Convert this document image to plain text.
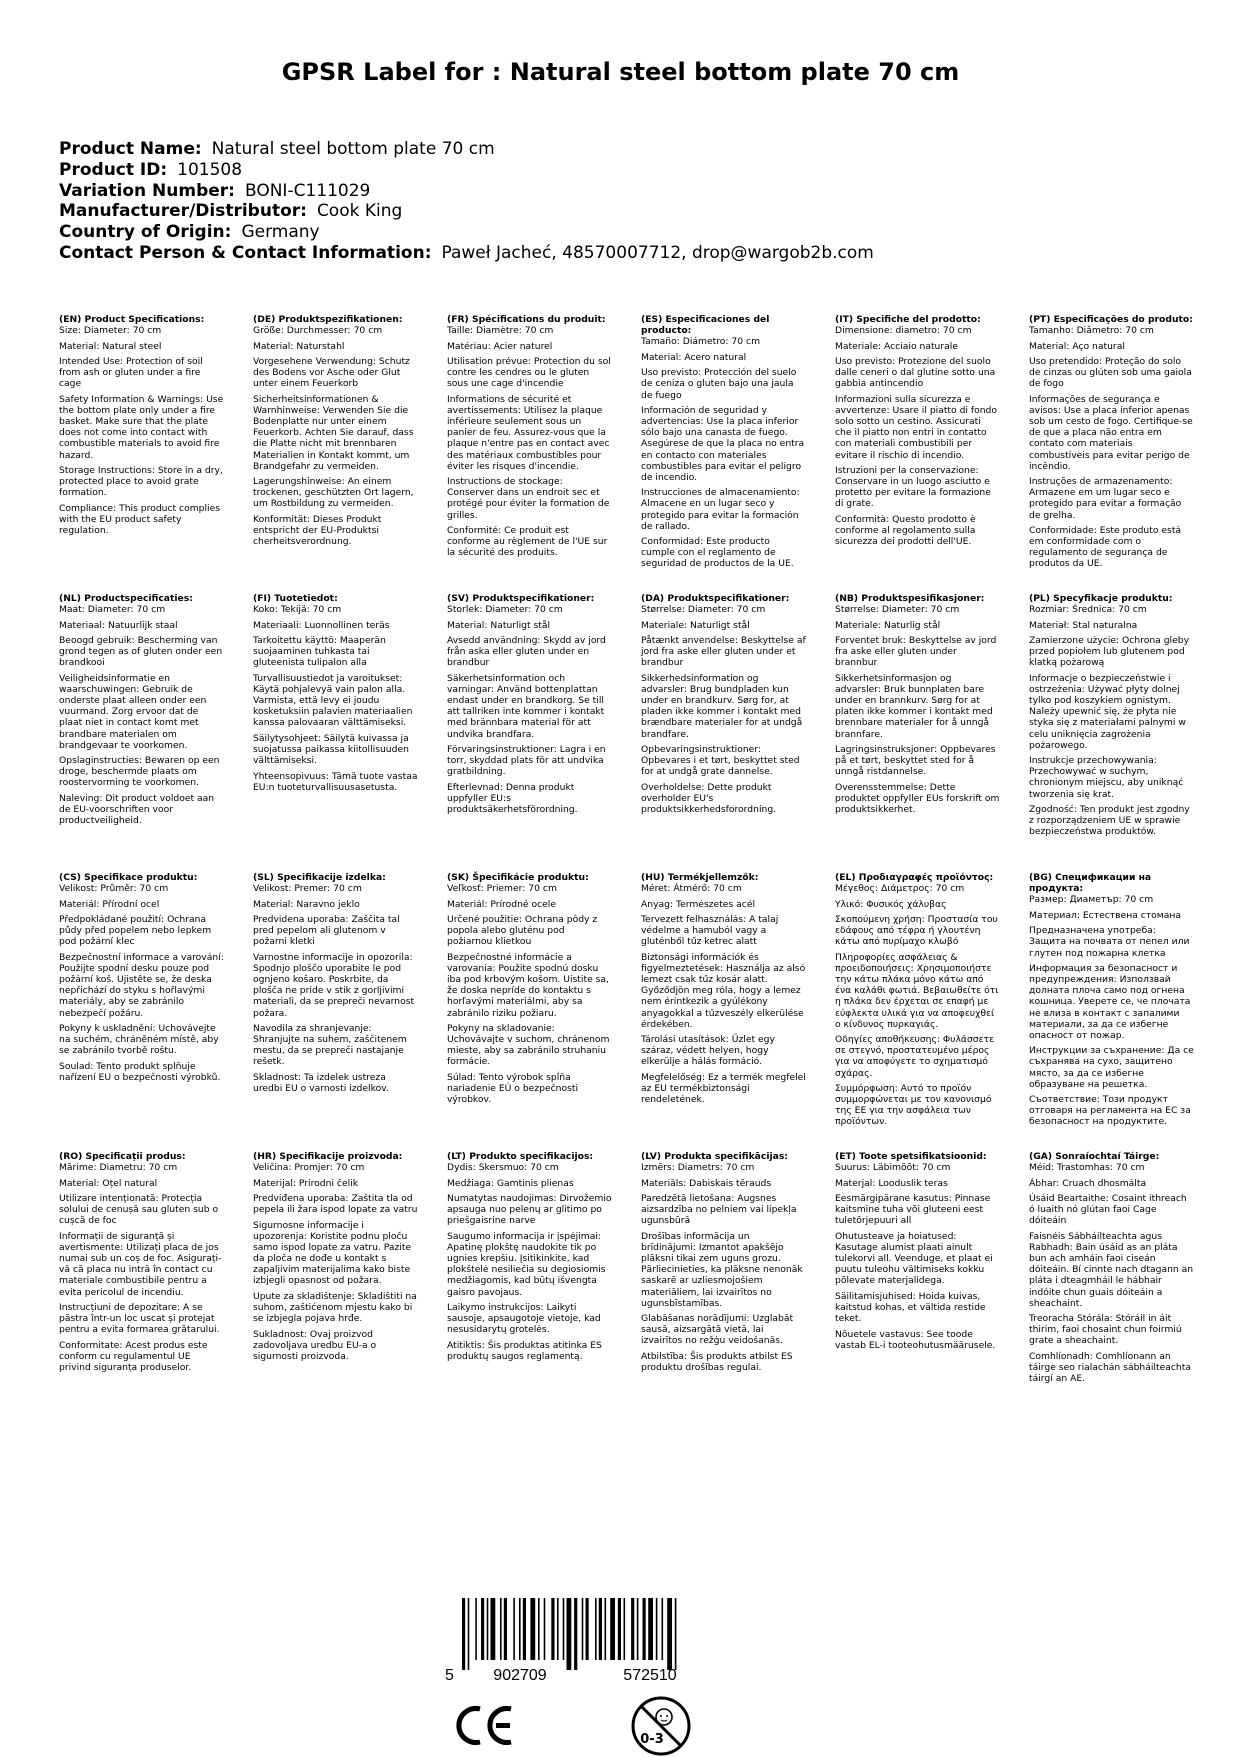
GPSR Label for : Natural steel bottom plate 70 cm
Product Name: Natural steel bottom plate 70 cm
Product ID: 101508
Variation Number: BONI-C111029
Manufacturer/Distributor: Cook King
Country of Origin: Germany
Contact Person & Contact Information: Paweł Jacheć, 48570007712, drop@wargob2b.com
(EN) Product Specifications:
Size: Diameter: 70 cm
Material: Natural steel
Intended Use: Protection of soil from ash or gluten under a fire cage
Safety Information & Warnings: Use the bottom plate only under a fire basket. Make sure that the plate does not come into contact with combustible materials to avoid fire hazard.
Storage Instructions: Store in a dry, protected place to avoid grate formation.
Compliance: This product complies with the EU product safety regulation.
(DE) Produktspezifikationen:
Größe: Durchmesser: 70 cm
Material: Naturstahl
Vorgesehene Verwendung: Schutz des Bodens vor Asche oder Glut unter einem Feuerkorb
Sicherheitsinformationen & Warnhinweise: Verwenden Sie die Bodenplatte nur unter einem Feuerkorb. Achten Sie darauf, dass die Platte nicht mit brennbaren Materialien in Kontakt kommt, um Brandgefahr zu vermeiden.
Lagerungshinweise: An einem trockenen, geschützten Ort lagern, um Rostbildung zu vermeiden.
Konformität: Dieses Produkt entspricht der EU-Produktsi cherheitsverordnung.
(FR) Spécifications du produit:
Taille: Diamètre: 70 cm
Matériau: Acier naturel
Utilisation prévue: Protection du sol contre les cendres ou le gluten sous une cage d'incendie
Informations de sécurité et avertissements: Utilisez la plaque inférieure seulement sous un panier de feu. Assurez-vous que la plaque n'entre pas en contact avec des matériaux combustibles pour éviter les risques d'incendie.
Instructions de stockage: Conserver dans un endroit sec et protégé pour éviter la formation de grilles.
Conformité: Ce produit est conforme au règlement de l'UE sur la sécurité des produits.
(ES) Especificaciones del producto:
Tamaño: Diámetro: 70 cm
Material: Acero natural
Uso previsto: Protección del suelo de ceniza o gluten bajo una jaula de fuego
Información de seguridad y advertencias: Use la placa inferior sólo bajo una canasta de fuego. Asegúrese de que la placa no entra en contacto con materiales combustibles para evitar el peligro de incendio.
Instrucciones de almacenamiento: Almacene en un lugar seco y protegido para evitar la formación de rallado.
Conformidad: Este producto cumple con el reglamento de seguridad de productos de la UE.
(IT) Specifiche del prodotto:
Dimensione: diametro: 70 cm
Materiale: Acciaio naturale
Uso previsto: Protezione del suolo dalle ceneri o dal glutine sotto una gabbia antincendio
Informazioni sulla sicurezza e avvertenze: Usare il piatto di fondo solo sotto un cestino. Assicurati che il piatto non entri in contatto con materiali combustibili per evitare il rischio di incendio.
Istruzioni per la conservazione: Conservare in un luogo asciutto e protetto per evitare la formazione di grate.
Conformità: Questo prodotto è conforme al regolamento sulla sicurezza dei prodotti dell'UE.
(PT) Especificações do produto:
Tamanho: Diâmetro: 70 cm
Material: Aço natural
Uso pretendido: Proteção do solo de cinzas ou glúten sob uma gaiola de fogo
Informações de segurança e avisos: Use a placa inferior apenas sob um cesto de fogo. Certifique-se de que a placa não entra em contato com materiais combustíveis para evitar perigo de incêndio.
Instruções de armazenamento: Armazene em um lugar seco e protegido para evitar a formação de grelha.
Conformidade: Este produto está em conformidade com o regulamento de segurança de produtos da UE.
(NL) Productspecificaties:
Maat: Diameter: 70 cm
Materiaal: Natuurlijk staal
Beoogd gebruik: Bescherming van grond tegen as of gluten onder een brandkooi
Veiligheidsinformatie en waarschuwingen: Gebruik de onderste plaat alleen onder een vuurmand. Zorg ervoor dat de plaat niet in contact komt met brandbare materialen om brandgevaar te voorkomen.
Opslaginstructies: Bewaren op een droge, beschermde plaats om roostervorming te voorkomen.
Naleving: Dit product voldoet aan de EU-voorschriften voor productveiligheid.
(FI) Tuotetiedot:
Koko: Tekijä: 70 cm
Materiaali: Luonnollinen teräs
Tarkoitettu käyttö: Maaperän suojaaminen tuhkasta tai gluteenista tulipalon alla
Turvallisuustiedot ja varoitukset: Käytä pohjalevyä vain palon alla. Varmista, että levy ei joudu kosketuksiin palavien materiaalien kanssa palovaaran välttämiseksi.
Säilytysohjeet: Säilytä kuivassa ja suojatussa paikassa kiitollisuuden välttämiseksi.
Yhteensopivuus: Tämä tuote vastaa EU:n tuoteturvallisuusasetusta.
(SV) Produktspecifikationer:
Storlek: Diameter: 70 cm
Material: Naturligt stål
Avsedd användning: Skydd av jord från aska eller gluten under en brandbur
Säkerhetsinformation och varningar: Använd bottenplattan endast under en brandkorg. Se till att tallriken inte kommer i kontakt med brännbara material för att undvika brandfara.
Förvaringsinstruktioner: Lagra i en torr, skyddad plats för att undvika gratbildning.
Efterlevnad: Denna produkt uppfyller EU:s produktsäkerhetsförordning.
(DA) Produktspecifikationer:
Størrelse: Diameter: 70 cm
Materiale: Naturligt stål
Påtænkt anvendelse: Beskyttelse af jord fra aske eller gluten under et brandbur
Sikkerhedsinformation og advarsler: Brug bundpladen kun under en brandkurv. Sørg for, at pladen ikke kommer i kontakt med brændbare materialer for at undgå brandfare.
Opbevaringsinstruktioner: Opbevares i et tørt, beskyttet sted for at undgå grate dannelse.
Overholdelse: Dette produkt overholder EU's produktsikkerhedsforordning.
(NB) Produktspesifikasjoner:
Størrelse: Diameter: 70 cm
Materiale: Naturlig stål
Forventet bruk: Beskyttelse av jord fra aske eller gluten under brannbur
Sikkerhetsinformasjon og advarsler: Bruk bunnplaten bare under en brannkurv. Sørg for at platen ikke kommer i kontakt med brennbare materialer for å unngå brannfare.
Lagringsinstruksjoner: Oppbevares på et tørt, beskyttet sted for å unngå ristdannelse.
Overensstemmelse: Dette produktet oppfyller EUs forskrift om produktsikkerhet.
(PL) Specyfikacje produktu:
Rozmiar: Średnica: 70 cm
Materiał: Stal naturalna
Zamierzone użycie: Ochrona gleby przed popiołem lub glutenem pod klatką pożarową
Informacje o bezpieczeństwie i ostrzeżenia: Używać płyty dolnej tylko pod koszykiem ognistym. Należy upewnić się, że płyta nie styka się z materiałami palnymi w celu uniknięcia zagrożenia pożarowego.
Instrukcje przechowywania: Przechowywać w suchym, chronionym miejscu, aby uniknąć tworzenia się krat.
Zgodność: Ten produkt jest zgodny z rozporządzeniem UE w sprawie bezpieczeństwa produktów.
(CS) Specifikace produktu:
Velikost: Průměr: 70 cm
Materiál: Přírodní ocel
Předpokládané použití: Ochrana půdy před popelem nebo lepkem pod požární klec
Bezpečnostní informace a varování: Použijte spodní desku pouze pod požární koš. Ujistěte se, že deska nepřichází do styku s hořlavými materiály, aby se zabránilo nebezpečí požáru.
Pokyny k uskladnění: Uchovávejte na suchém, chráněném místě, aby se zabránilo tvorbě roštu.
Soulad: Tento produkt splňuje nařízení EU o bezpečnosti výrobků.
(SL) Specifikacije izdelka:
Velikost: Premer: 70 cm
Material: Naravno jeklo
Predvidena uporaba: Zaščita tal pred pepelom ali glutenom v požarni kletki
Varnostne informacije in opozorila: Spodnjo ploščo uporabite le pod ognjeno košaro. Poskrbite, da plošča ne pride v stik z gorljivimi materiali, da se prepreči nevarnost požara.
Navodila za shranjevanje: Shranjujte na suhem, zaščitenem mestu, da se prepreči nastajanje rešetk.
Skladnost: Ta izdelek ustreza uredbi EU o varnosti izdelkov.
(SK) Špecifikácie produktu:
Veľkosť: Priemer: 70 cm
Materiál: Prírodné ocele
Určené použitie: Ochrana pôdy z popola alebo gluténu pod požiarnou klietkou
Bezpečnostné informácie a varovania: Použite spodnú dosku iba pod krbovým košom. Uistite sa, že doska nepríde do kontaktu s horľavými materiálmi, aby sa zabránilo riziku požiaru.
Pokyny na skladovanie: Uchovávajte v suchom, chránenom mieste, aby sa zabránilo struhaniu formácie.
Súlad: Tento výrobok spĺňa nariadenie EÚ o bezpečnosti výrobkov.
(HU) Termékjellemzők:
Méret: Átmérő: 70 cm
Anyag: Természetes acél
Tervezett felhasználás: A talaj védelme a hamuból vagy a gluténből tűz ketrec alatt
Biztonsági információk és figyelmeztetések: Használja az alsó lemezt csak tűz kosár alatt. Győződjön meg róla, hogy a lemez nem érintkezik a gyúlékony anyagokkal a tűzveszély elkerülése érdekében.
Tárolási utasítások: Üzlet egy száraz, védett helyen, hogy elkerülje a hálás formáció.
Megfelelőség: Ez a termék megfelel az EU termékbiztonsági rendeletének.
(EL) Προδιαγραφές προϊόντος:
Μέγεθος: Διάμετρος: 70 cm
Υλικό: Φυσικός χάλυβας
Σκοπούμενη χρήση: Προστασία του εδάφους από τέφρα ή γλουτένη κάτω από πυρίμαχο κλωβό
Πληροφορίες ασφάλειας & προειδοποιήσεις: Χρησιμοποιήστε την κάτω πλάκα μόνο κάτω από ένα καλάθι φωτιά. Βεβαιωθείτε ότι η πλάκα δεν έρχεται σε επαφή με εύφλεκτα υλικά για να αποφευχθεί ο κίνδυνος πυρκαγιάς.
Οδηγίες αποθήκευσης: Φυλάσσετε σε στεγνό, προστατευμένο μέρος για να αποφύγετε το σχηματισμό σχάρας.
Συμμόρφωση: Αυτό το προϊόν συμμορφώνεται με τον κανονισμό της ΕΕ για την ασφάλεια των προϊόντων.
(BG) Спецификации на продукта:
Размер: Диаметър: 70 cm
Материал: Естествена стомана
Предназначена употреба: Защита на почвата от пепел или глутен под пожарна клетка
Информация за безопасност и предупреждения: Използвай долната плоча само под огнена кошница. Уверете се, че плочата не влиза в контакт с запалими материали, за да се избегне опасност от пожар.
Инструкции за съхранение: Да се съхранява на сухо, защитено място, за да се избегне образуване на решетка.
Съответствие: Този продукт отговаря на регламента на ЕС за безопасност на продуктите.
(RO) Specificații produs:
Mărime: Diametru: 70 cm
Material: Oțel natural
Utilizare intenționată: Protecția solului de cenușă sau gluten sub o cușcă de foc
Informații de siguranță și avertismente: Utilizați placa de jos numai sub un coș de foc. Asigurați-vă că placa nu intră în contact cu materiale combustibile pentru a evita pericolul de incendiu.
Instrucțiuni de depozitare: A se păstra într-un loc uscat și protejat pentru a evita formarea grătarului.
Conformitate: Acest produs este conform cu regulamentul UE privind siguranța produselor.
(HR) Specifikacije proizvoda:
Veličina: Promjer: 70 cm
Materijal: Prirodni čelik
Predviđena uporaba: Zaštita tla od pepela ili žara ispod lopate za vatru
Sigurnosne informacije i upozorenja: Koristite podnu ploču samo ispod lopate za vatru. Pazite da ploča ne dođe u kontakt s zapaljivim materijalima kako biste izbjegli opasnost od požara.
Upute za skladištenje: Skladištiti na suhom, zaštićenom mjestu kako bi se izbjegla pojava hrđe.
Sukladnost: Ovaj proizvod zadovoljava uredbu EU-a o sigurnosti proizvoda.
(LT) Produkto specifikacijos:
Dydis: Skersmuo: 70 cm
Medžiaga: Gamtinis plienas
Numatytas naudojimas: Dirvožemio apsauga nuo pelenų ar glitimo po priešgaisrine narve
Saugumo informacija ir įspėjimai: Apatinę plokštę naudokite tik po ugnies krepšiu. Įsitikinkite, kad plokštelė nesiliečia su degiosiomis medžiagomis, kad būtų išvengta gaisro pavojaus.
Laikymo instrukcijos: Laikyti sausoje, apsaugotoje vietoje, kad nesusidarytų grotelės.
Atitiktis: Šis produktas atitinka ES produktų saugos reglamentą.
(LV) Produkta specifikācijas:
Izmērs: Diametrs: 70 cm
Materiāls: Dabiskais tērauds
Paredzētā lietošana: Augsnes aizsardzība no pelniem vai lipekļa ugunsbūrā
Drošības informācija un brīdinājumi: Izmantot apakšējo plāksni tikai zem uguns grozu. Pārliecinieties, ka plāksne nenonāk saskarē ar uzliesmojošiem materiāliem, lai izvairītos no ugunsbīstamības.
Glabāšanas norādījumi: Uzglabāt sausā, aizsargātā vietā, lai izvairītos no režģu veidošanās.
Atbilstība: Šis produkts atbilst ES produktu drošības regulai.
(ET) Toote spetsifikatsioonid:
Suurus: Läbimõõt: 70 cm
Materjal: Looduslik teras
Eesmärgipärane kasutus: Pinnase kaitsmine tuha või gluteeni eest tuletõrjepuuri all
Ohutusteave ja hoiatused: Kasutage alumist plaati ainult tulekorvi all. Veenduge, et plaat ei puutu tuleohu vältimiseks kokku põlevate materjalidega.
Säilitamisjuhised: Hoida kuivas, kaitstud kohas, et vältida restide teket.
Nõuetele vastavus: See toode vastab EL-i tooteohutusmäärusele.
(GA) Sonraíochtaí Táirge:
Méid: Trastomhas: 70 cm
Ábhar: Cruach dhosmálta
Úsáid Beartaithe: Cosaint ithreach ó luaith nó glútan faoi Cage dóiteáin
Faisnéis Sábháilteachta agus Rabhadh: Bain úsáid as an pláta bun ach amháin faoi ciseán dóiteáin. Bí cinnte nach dtagann an pláta i dteagmháil le hábhair indóite chun guais dóiteáin a sheachaint.
Treoracha Stórála: Stóráil in áit thirim, faoi chosaint chun foirmiú grate a sheachaint.
Comhlíonadh: Comhlíonann an táirge seo rialachán sábháilteachta táirgí an AE.
5 902709	572510
0-3
